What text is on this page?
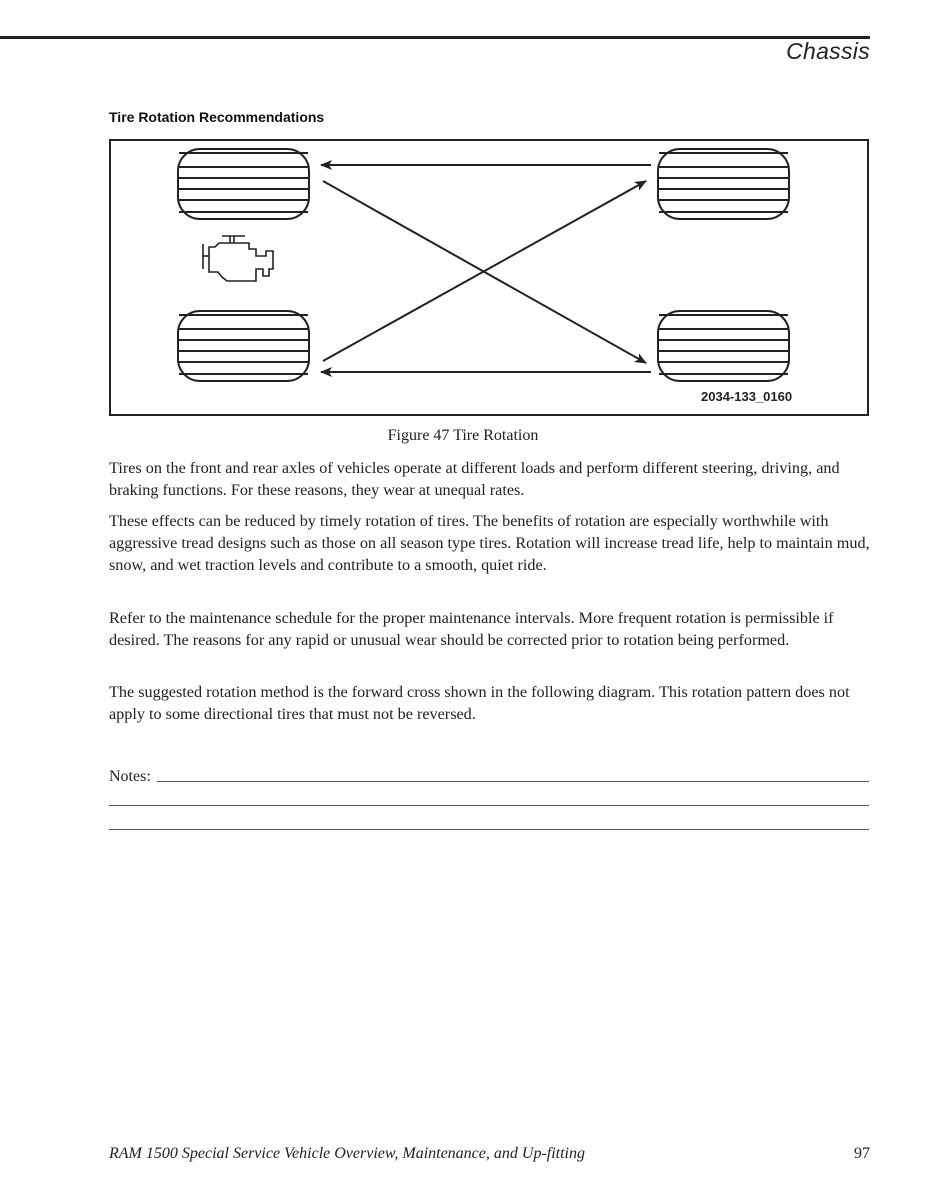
Chassis
Tire Rotation Recommendations
2034-133_0160
Figure 47 Tire Rotation

Tires on the front and rear axles of vehicles operate at different loads and perform different steering, driving, and braking functions. For these reasons, they wear at unequal rates.

These effects can be reduced by timely rotation of tires. The benefits of rotation are especially worthwhile with aggressive tread designs such as those on all season type tires. Rotation will increase tread life, help to maintain mud, snow, and wet traction levels and contribute to a smooth, quiet ride.

Refer to the maintenance schedule for the proper maintenance intervals. More frequent rotation is permissible if desired. The reasons for any rapid or unusual wear should be corrected prior to rotation being performed.

The suggested rotation method is the forward cross shown in the following diagram. This rotation pattern does not apply to some directional tires that must not be reversed.

Notes:
RAM 1500 Special Service Vehicle Overview, Maintenance, and Up-fitting	97
